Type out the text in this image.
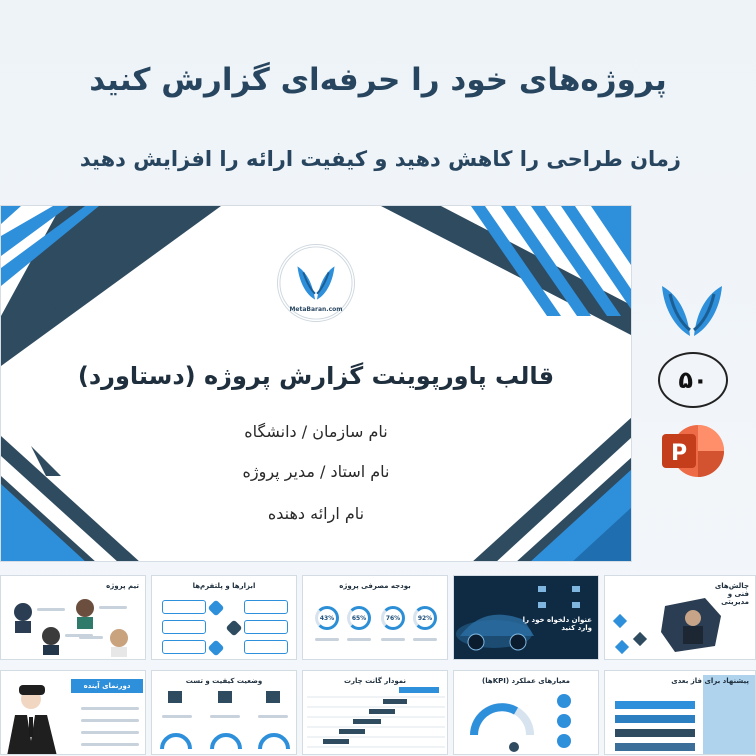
پروژه‌های خود را حرفه‌ای گزارش کنید
زمان طراحی را کاهش دهید و کیفیت ارائه را افزایش دهید
MetaBaran.com
قالب پاورپوینت گزارش پروژه (دستاورد)
نام سازمان / دانشگاه
نام استاد / مدیر پروژه
نام ارائه دهنده
۵۰
P
تیم پروژه	ابزارها و پلتفرم‌ها	بودجه مصرفی پروژه
43%	65%	76%	92%	عنوان دلخواه خود را وارد کنید
چالش‌های فنی و مدیریتی
دورنمای آینده
وضعیت کیفیت و تست	نمودار گانت چارت	معیارهای عملکرد (KPIها)	پیشنهاد برای فاز بعدی
